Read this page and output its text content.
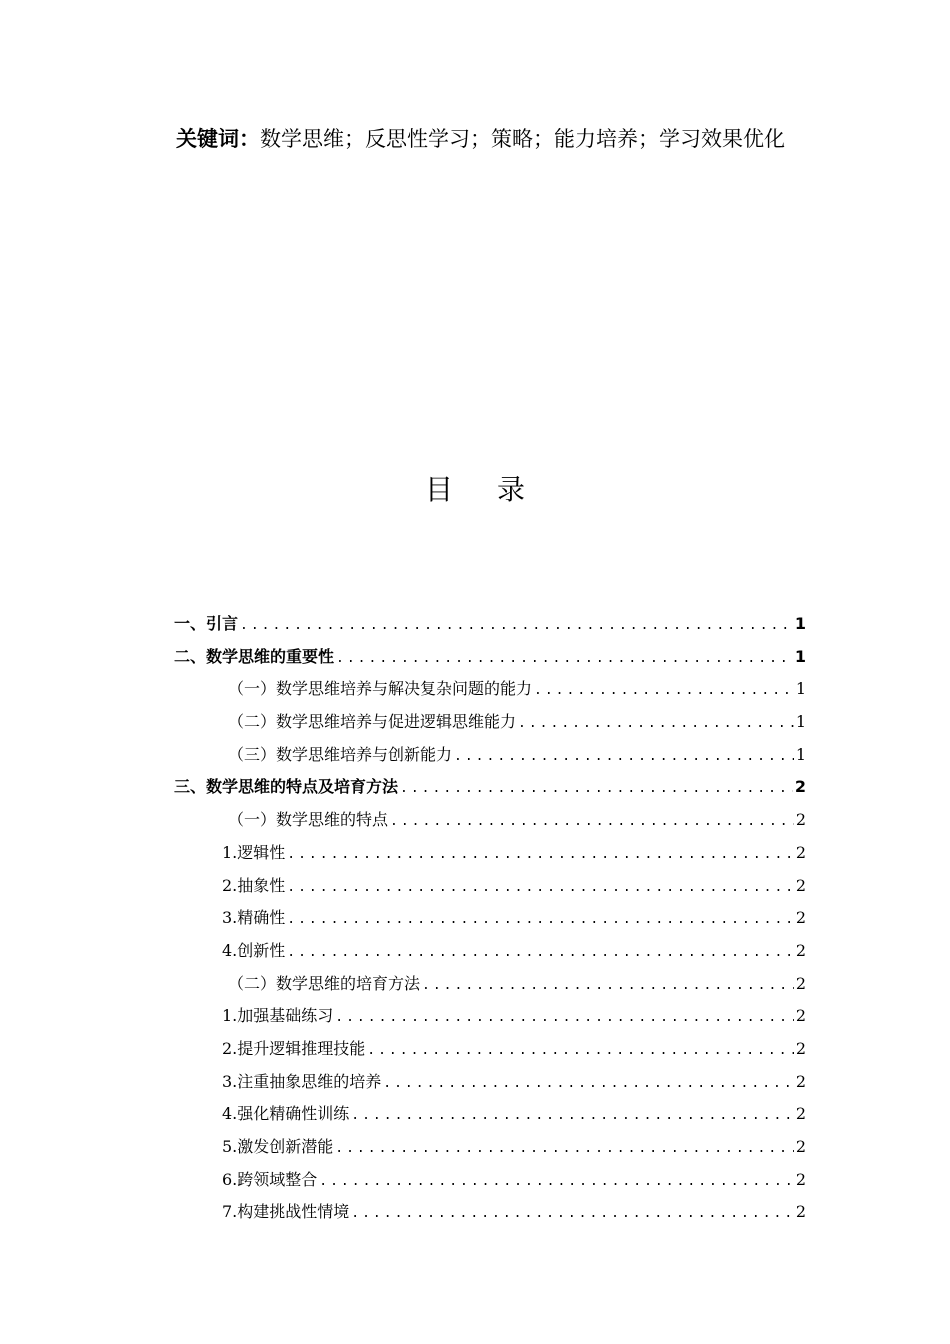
关键词：数学思维；反思性学习；策略；能力培养；学习效果优化
目录
一、引言 .....	1
二、数学思维的重要性 .....	1
（一）数学思维培养与解决复杂问题的能力 .....	1
（二）数学思维培养与促进逻辑思维能力 .....	1
（三）数学思维培养与创新能力 .....	1
三、数学思维的特点及培育方法 .....	2
（一）数学思维的特点 .....	2
1.逻辑性 .....	2
2.抽象性 .....	2
3.精确性 .....	2
4.创新性 .....	2
（二）数学思维的培育方法 .....	2
1.加强基础练习 .....	2
2.提升逻辑推理技能 .....	2
3.注重抽象思维的培养 .....	2
4.强化精确性训练 .....	2
5.激发创新潜能 .....	2
6.跨领域整合 .....	2
7.构建挑战性情境 .....	2
